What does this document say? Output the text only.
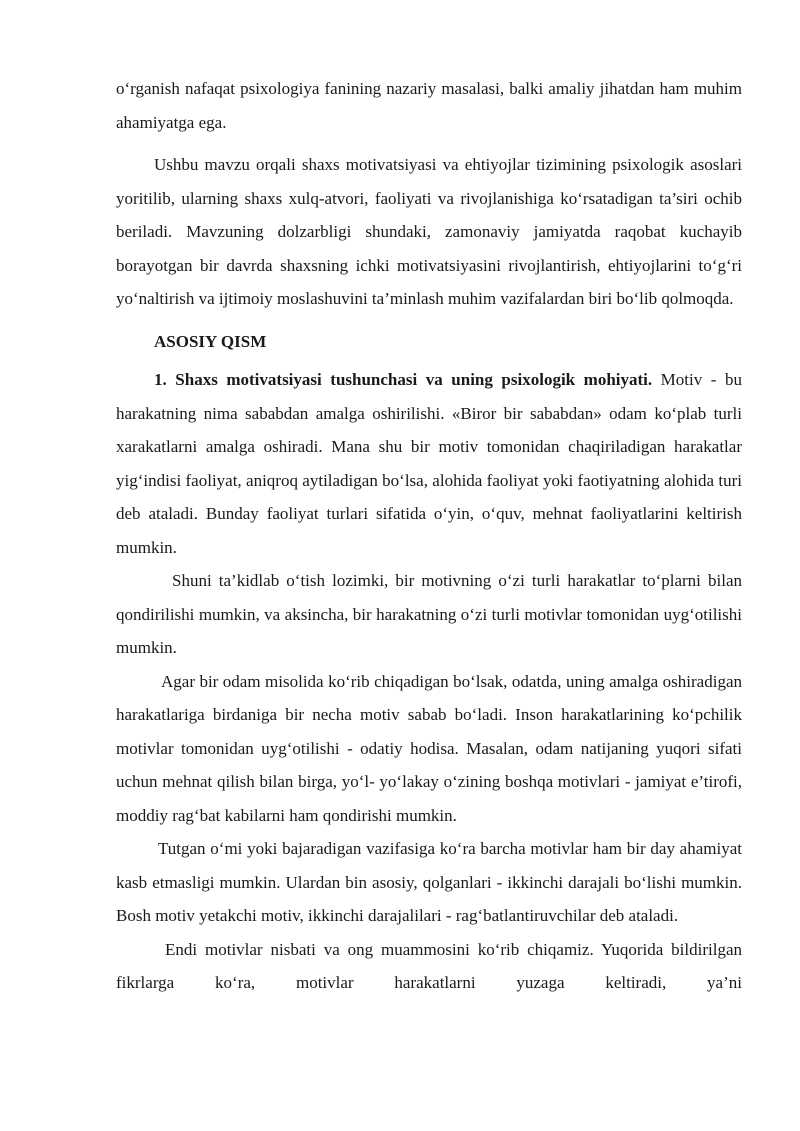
o‘rganish nafaqat psixologiya fanining nazariy masalasi, balki amaliy jihatdan ham muhim ahamiyatga ega.

Ushbu mavzu orqali shaxs motivatsiyasi va ehtiyojlar tizimining psixologik asoslari yoritilib, ularning shaxs xulq-atvori, faoliyati va rivojlanishiga ko‘rsatadigan ta’siri ochib beriladi. Mavzuning dolzarbligi shundaki, zamonaviy jamiyatda raqobat kuchayib borayotgan bir davrda shaxsning ichki motivatsiyasini rivojlantirish, ehtiyojlarini to‘g‘ri yo‘naltirish va ijtimoiy moslashuvini ta’minlash muhim vazifalardan biri bo‘lib qolmoqda.

ASOSIY QISM

1. Shaxs motivatsiyasi tushunchasi va uning psixologik mohiyati. Motiv - bu harakatning nima sababdan amalga oshirilishi. «Biror bir sababdan» odam ko‘plab turli xarakatlarni amalga oshiradi. Mana shu bir motiv tomonidan chaqiriladigan harakatlar yig‘indisi faoliyat, aniqroq aytiladigan bo‘lsa, alohida faoliyat yoki faotiyatning alohida turi deb ataladi. Bunday faoliyat turlari sifatida o‘yin, o‘quv, mehnat faoliyatlarini keltirish mumkin.

Shuni ta’kidlab o‘tish lozimki, bir motivning o‘zi turli harakatlar to‘plarni bilan qondirilishi mumkin, va aksincha, bir harakatning o‘zi turli motivlar tomonidan uyg‘otilishi mumkin.

Agar bir odam misolida ko‘rib chiqadigan bo‘lsak, odatda, uning amalga oshiradigan harakatlariga birdaniga bir necha motiv sabab bo‘ladi. Inson harakatlarining ko‘pchilik motivlar tomonidan uyg‘otilishi - odatiy hodisa. Masalan, odam natijaning yuqori sifati uchun mehnat qilish bilan birga, yo‘l- yo‘lakay o‘zining boshqa motivlari - jamiyat e’tirofi, moddiy rag‘bat kabilarni ham qondirishi mumkin.

Tutgan o‘mi yoki bajaradigan vazifasiga ko‘ra barcha motivlar ham bir day ahamiyat kasb etmasligi mumkin. Ulardan bin asosiy, qolganlari - ikkinchi darajali bo‘lishi mumkin. Bosh motiv yetakchi motiv, ikkinchi darajalilari - rag‘batlantiruvchilar deb ataladi.

Endi motivlar nisbati va ong muammosini ko‘rib chiqamiz. Yuqorida bildirilgan fikrlarga ko‘ra, motivlar harakatlarni yuzaga keltiradi, ya’ni
